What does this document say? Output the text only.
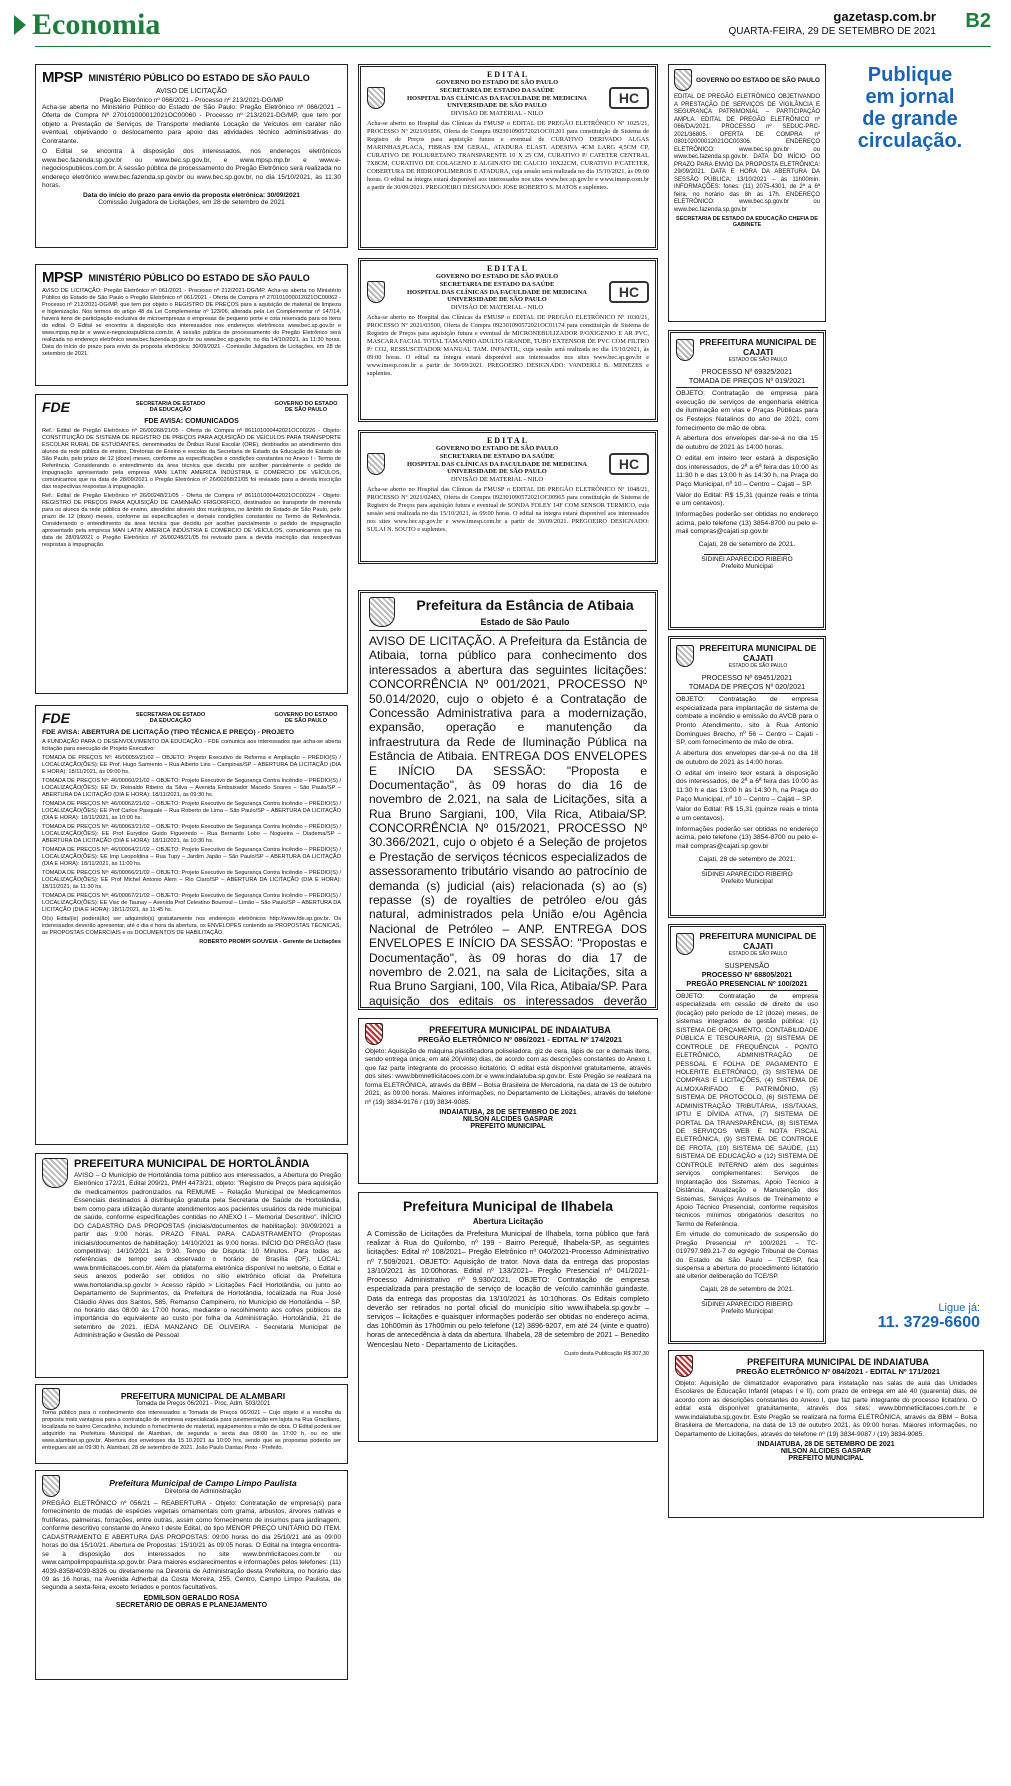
Economia	gazetasp.com.br
QUARTA-FEIRA, 29 DE SETEMBRO DE 2021 B2
MPSP MINISTÉRIO PÚBLICO DO ESTADO DE SÃO PAULO
AVISO DE LICITAÇÃO
Pregão Eletrônico nº 066/2021 - Processo nº 213/2021-DG/MP

Acha-se aberta no Ministério Público do Estado de São Paulo: Pregão Eletrônico nº 066/2021 – Oferta de Compra Nº 270101000012021OC00060 - Processo nº 213/2021-DG/MP, que tem por objeto a Prestação de Serviços de Transporte mediante Locação de Veículos em caráter não eventual, objetivando o deslocamento para apoio das atividades técnico administrativas do Contratante.

O Edital se encontra à disposição dos interessados, nos endereços eletrônicos www.bec.fazenda.sp.gov.br ou www.bec.sp.gov.br, e www.mpsp.mp.br e www.e-negociospublicos.com.br. A sessão pública de processamento do Pregão Eletrônico será realizada no endereço eletrônico www.bec.fazenda.sp.gov.br ou www.bec.sp.gov.br, no dia 15/10/2021, às 11:30 horas.

Data do início do prazo para envio da proposta eletrônica: 30/09/2021
Comissão Julgadora de Licitações, em 28 de setembro de 2021
MPSP MINISTÉRIO PÚBLICO DO ESTADO DE SÃO PAULO

AVISO DE LICITAÇÃO: Pregão Eletrônico nº 061/2021 - Processo nº 212/2021-DG/MP. Acha-se aberta no Ministério Público do Estado de São Paulo o Pregão Eletrônico nº 061/2021 - Oferta de Compra nº 270101000012021OC00062 - Processo nº 212/2021-DG/MP, que tem por objeto o REGISTRO DE PREÇOS para a aquisição de material de limpeza e higienização. Nos termos do artigo 48 da Lei Complementar nº 123/06, alterada pela Lei Complementar nº 147/14, haverá itens de participação exclusiva de microempresas e empresas de pequeno porte e cota reservada para os itens do edital. O Edital se encontra à disposição dos interessados nos endereços eletrônicos www.bec.sp.gov.br e www.mpsp.mp.br e www.e-negociospublicos.com.br. A sessão pública de processamento do Pregão Eletrônico será realizada no endereço eletrônico www.bec.fazenda.sp.gov.br ou www.bec.sp.gov.br, no dia 14/10/2021, às 11:30 horas. Data do início do prazo para envio da proposta eletrônica: 30/09/2021 - Comissão Julgadora de Licitações, em 28 de setembro de 2021.

FDE	SECRETARIA DE ESTADO DA EDUCAÇÃO
GOVERNO DO ESTADO DE SÃO PAULO
FDE AVISA: COMUNICADOS

Ref.: Edital de Pregão Eletrônico nº 26/00268/21/05 - Oferta de Compra nº 861101000442021OC00226 - Objeto: CONSTITUIÇÃO DE SISTEMA DE REGISTRO DE PREÇOS PARA AQUISIÇÃO DE VEÍCULOS PARA TRANSPORTE ESCOLAR RURAL DE ESTUDANTES, denominados de Ônibus Rural Escolar (ORE), destinados ao atendimento dos alunos da rede pública de ensino, Diretorias de Ensino e escolas da Secretaria de Estado da Educação do Estado de São Paulo, pelo prazo de 12 (doze) meses, conforme as especificações e condições constantes no Anexo I - Termo de Referência. Considerando o entendimento da área técnica que decidiu por acolher parcialmente o pedido de impugnação apresentado pela empresa MAN LATIN AMERICA INDÚSTRIA E COMÉRCIO DE VEÍCULOS, comunicamos que na data de 28/09/2021 o Pregão Eletrônico nº 26/00268/21/05 foi revisado para a devida inscrição das respectivas respostas à impugnação.

Ref.: Edital de Pregão Eletrônico nº 26/00248/21/05 - Oferta de Compra nº 861101000442021OC00224 - Objeto: REGISTRO DE PREÇOS PARA AQUISIÇÃO DE CAMINHÃO FRIGORÍFICO, destinados ao transporte de merenda para os alunos da rede pública de ensino, atendidos através dos municípios, no âmbito do Estado de São Paulo, pelo prazo de 12 (doze) meses, conforme as especificações e demais condições constantes no Termo de Referência. Considerando o entendimento da área técnica que decidiu por acolher parcialmente o pedido de impugnação apresentado pela empresa MAN LATIN AMERICA INDÚSTRIA E COMÉRCIO DE VEÍCULOS, comunicamos que na data de 28/09/2021 o Pregão Eletrônico nº 26/00248/21/05 foi revisado para a devida inscrição das respectivas respostas à impugnação.

FDE	SECRETARIA DE ESTADO DA EDUCAÇÃO
GOVERNO DO ESTADO DE SÃO PAULO
FDE AVISA: ABERTURA DE LICITAÇÃO (TIPO TÉCNICA E PREÇO) - PROJETO

A FUNDAÇÃO PARA O DESENVOLVIMENTO DA EDUCAÇÃO - FDE comunica aos interessados que acha-se aberta licitação para execução de Projeto Executivo:

TOMADA DE PREÇOS Nº: 46/00059/21/02 – OBJETO: Projeto Executivo de Reforma e Ampliação – PRÉDIO(S) / LOCALIZAÇÃO(ÕES): EE Prof. Hugo Sarmento – Rua Alberto Lins – Campinas/SP – ABERTURA DA LICITAÇÃO (DIA E HORA): 18/11/2021, às 09:00 hs.

TOMADA DE PREÇOS Nº: 46/00060/21/02 – OBJETO: Projeto Executivo de Segurança Contra Incêndio – PRÉDIO(S) / LOCALIZAÇÃO(ÕES): EE Dr. Reinaldo Ribeiro da Silva – Avenida Embaixador Macedo Soares – São Paulo/SP – ABERTURA DA LICITAÇÃO (DIA E HORA): 18/11/2021, às 09:30 hs.

TOMADA DE PREÇOS Nº: 46/00062/21/02 – OBJETO: Projeto Executivo de Segurança Contra Incêndio – PRÉDIO(S) / LOCALIZAÇÃO(ÕES): EE Prof Carlos Pasquale – Rua Roberto de Lima – São Paulo/SP – ABERTURA DA LICITAÇÃO (DIA E HORA): 18/11/2021, às 10:00 hs.

TOMADA DE PREÇOS Nº: 46/00063/21/02 – OBJETO: Projeto Executivo de Segurança Contra Incêndio – PRÉDIO(S) / LOCALIZAÇÃO(ÕES): EE Prof Eurydice Guido Figueiredo – Rua Bernardo Lobo – Nogueira – Diadema/SP – ABERTURA DA LICITAÇÃO (DIA E HORA): 18/11/2021, às 10:30 hs.

TOMADA DE PREÇOS Nº: 46/00064/21/02 – OBJETO: Projeto Executivo de Segurança Contra Incêndio – PRÉDIO(S) / LOCALIZAÇÃO(ÕES): EE Imp Leopoldina – Rua Tupy – Jardim Japão – São Paulo/SP – ABERTURA DA LICITAÇÃO (DIA E HORA): 18/11/2021, às 11:00 hs.

TOMADA DE PREÇOS Nº: 46/00066/21/02 – OBJETO: Projeto Executivo de Segurança Contra Incêndio – PRÉDIO(S) / LOCALIZAÇÃO(ÕES): EE Prof Michel Antonio Alem – Rio Claro/SP – ABERTURA DA LICITAÇÃO (DIA E HORA): 18/11/2021, às 11:30 hs.

TOMADA DE PREÇOS Nº: 46/00067/21/02 – OBJETO: Projeto Executivo de Segurança Contra Incêndio – PRÉDIO(S) / LOCALIZAÇÃO(ÕES): EE Visc de Taunay – Avenida Prof Celestino Bourroul – Limão – São Paulo/SP – ABERTURA DA LICITAÇÃO (DIA E HORA): 18/11/2021, às 11:45 hs.

O(s) Edital(is) poderá(ão) ser adquirido(s) gratuitamente nos endereços eletrônicos http://www.fde.sp.gov.br. Os interessados deverão apresentar, até o dia e hora da abertura, os ENVELOPES contendo as PROPOSTAS TÉCNICAS, as PROPOSTAS COMERCIAIS e os DOCUMENTOS DE HABILITAÇÃO.

ROBERTO PROMPI GOUVEIA - Gerente de Licitações

PREFEITURA MUNICIPAL DE HORTOLÂNDIA

AVISO – O Município de Hortolândia torna público aos interessados, a Abertura do Pregão Eletrônico 172/21, Edital 209/21, PMH 4473/21, objeto: "Registro de Preços para aquisição de medicamentos padronizados na REMUME – Relação Municipal de Medicamentos Essenciais destinados à distribuição gratuita pela Secretaria de Saúde de Hortolândia, bem como para utilização durante atendimentos aos pacientes usuários da rede municipal de saúde, conforme especificações contidas no ANEXO I – Memorial Descritivo". INÍCIO DO CADASTRO DAS PROPOSTAS (iniciais/documentos de habilitação): 30/09/2021 a partir das 9:00 horas. PRAZO FINAL PARA CADASTRAMENTO (Propostas iniciais/documentos de habilitação): 14/10/2021 às 9:00 horas. INÍCIO DO PREGÃO (fase competitiva): 14/10/2021 às 9:30. Tempo de Disputa: 10 Minutos. Para todas as referências de tempo será observado o horário de Brasília (DF). LOCAL: www.bnmlicitacoes.com.br. Além da plataforma eletrônica disponível no website, o Edital e seus anexos poderão ser obtidos no sítio eletrônico oficial da Prefeitura www.hortolandia.sp.gov.br > Acesso rápido > Licitações Fácil Hortolândia, ou junto ao Departamento de Suprimentos, da Prefeitura de Hortolândia, localizada na Rua José Cláudio Alves dos Santos, 585, Remanso Campineiro, no Município de Hortolândia – SP, no horário das 08:00 às 17:00 horas, mediante o recolhimento aos cofres públicos da importância do equivalente ao custo por folha da Administração. Hortolândia, 21 de setembro de 2021. IEDA MANZANO DE OLIVEIRA - Secretaria Municipal de Administração e Gestão de Pessoal

PREFEITURA MUNICIPAL DE ALAMBARI
Tomada de Preços 06/2021 - Proc. Adm. 503/2021

Torna público para o conhecimento dos interessados a Tomada de Preços 06/2021 – Cujo objeto é a escolha da proposta mais vantajosa para a contratação de empresa especializada para pavimentação em lajota na Rua Graciliano, localizada no bairro Cercadinho, incluindo o fornecimento de material, equipamentos e mão de obra. O Edital poderá ser adquirido na Prefeitura Municipal de Alambari, de segunda a sexta das 08:00 às 17:00 h, ou no site www.alambari.sp.gov.br. Abertura dos envelopes dia 15.10.2021 às 10:00 hrs, sendo que as propostas poderão ser entregues até as 09:30 h. Alambari, 28 de setembro de 2021. João Paulo Dantas Pinto - Prefeito.

Prefeitura Municipal de Campo Limpo Paulista
Diretoria de Administração

PREGÃO ELETRÔNICO nº 056/21 – REABERTURA - Objeto: Contratação de empresa(s) para fornecimento de mudas de espécies vegetais ornamentais com grama, arbustos, árvores nativas e frutíferas, palmeiras, forrações, entre outras, assim como fornecimento de insumos para jardinagem, conforme descritivo constante do Anexo I deste Edital, do tipo MENOR PREÇO UNITÁRIO DO ITEM. CADASTRAMENTO E ABERTURA DAS PROPOSTAS: 09:00 horas do dia 25/10/21 até as 09:00 horas do dia 15/10/21. Abertura de Propostas: 15/10/21 às 09:05 horas. O Edital na íntegra encontra-se à disposição dos interessados no site www.bnmlicitacoes.com.br ou www.campolimpopaulista.sp.gov.br. Para maiores esclarecimentos e informações pelos telefones: (11) 4039-8358/4039-8326 ou diretamente na Diretoria de Administração desta Prefeitura, no horário das 09 às 16 horas, na Avenida Adherbal da Costa Moreira, 255, Centro, Campo Limpo Paulista, de segunda a sexta-feira, exceto feriados e pontos facultativos.

EDMILSON GERALDO ROSA
SECRETÁRIO DE OBRAS E PLANEJAMENTO
EDITAL
GOVERNO DO ESTADO DE SÃO PAULO
SECRETARIA DE ESTADO DA SAÚDE
HOSPITAL DAS CLÍNICAS DA FACULDADE DE MEDICINA
UNIVERSIDADE DE SÃO PAULO
DIVISÃO DE MATERIAL - NILO
HC

Acha-se aberto no Hospital das Clínicas da FMUSP o EDITAL DE PREGÃO ELETRÔNICO Nº 1025/21, PROCESSO Nº 2021/01856, Oferta de Compra 092301090572021OC01201 para constituição de Sistema de Registro de Preços para aquisição futura e eventual de CURATIVO DERIVADO ALGAS MARINHAS,PLACA, FIBRAS EM GERAL, ATADURA ELAST. ADESIVA 4CM LARG 4,5CM CP, CURATIVO DE POLIURETANO TRANSPARENTE 10 X 25 CM, CURATIVO P/ CATETER CENTRAL 7X8CM, CURATIVO DE COLAGENO E ALGINATO DE CALCIO 10X22CM, CURATIVO P/CATETER, COBERTURA DE HIDROPOLIMEROS E ATADURA, cuja sessão será realizada no dia 15/10/2021, às 09:00 horas. O edital na íntegra estará disponível aos interessados nos sites www.bec.sp.gov.br e www.imesp.com.br a partir de 30/09/2021. PREGOEIRO DESIGNADO: JOSE ROBERTO S. MATOS e suplentes.

EDITAL
GOVERNO DO ESTADO DE SÃO PAULO
SECRETARIA DE ESTADO DA SAÚDE
HOSPITAL DAS CLÍNICAS DA FACULDADE DE MEDICINA
UNIVERSIDADE DE SÃO PAULO
DIVISÃO DE MATERIAL - NILO
HC

Acha-se aberto no Hospital das Clínicas da FMUSP o EDITAL DE PREGÃO ELETRÔNICO Nº 1030/21, PROCESSO Nº 2021/03500, Oferta de Compra 092301090572021OC01174 para constituição de Sistema de Registro de Preços para aquisição futura e eventual de MICRONEBULIZADOR P/OXIGENIO E AR PVC, MASCARA FACIAL TOTAL TAMANHO ADULTO GRANDE, TUBO EXTENSOR DE PVC COM FILTRO P/ CO2, RESSUSCITADOR MANUAL TAM. INFANTIL, cuja sessão será realizada no dia 15/10/2021, às 09:00 horas. O edital na íntegra estará disponível aos interessados nos sites www.bec.sp.gov.br e www.imesp.com.br a partir de 30/09/2021. PREGOEIRO DESIGNADO: VANDERLI B. MENEZES e suplentes.

EDITAL
GOVERNO DO ESTADO DE SÃO PAULO
SECRETARIA DE ESTADO DA SAÚDE
HOSPITAL DAS CLÍNICAS DA FACULDADE DE MEDICINA
UNIVERSIDADE DE SÃO PAULO
DIVISÃO DE MATERIAL - NILO
HC

Acha-se aberto no Hospital das Clínicas da FMUSP o EDITAL DE PREGÃO ELETRÔNICO Nº 1048/21, PROCESSO Nº 2021/02483, Oferta de Compra 092301090572021OC00965 para constituição de Sistema de Registro de Preços para aquisição futura e eventual de SONDA FOLEY 14F COM SENSOR TERMICO, cuja sessão será realizada no dia 15/10/2021, às 09:00 horas. O edital na íntegra estará disponível aos interessados nos sites www.bec.sp.gov.br e www.imesp.com.br a partir de 30/09/2021. PREGOEIRO DESIGNADO: SULAI N. SOUTO e suplentes.

Prefeitura da Estância de Atibaia
Estado de São Paulo

AVISO DE LICITAÇÃO. A Prefeitura da Estância de Atibaia, torna público para conhecimento dos interessados a abertura das seguintes licitações: CONCORRÊNCIA Nº 001/2021, PROCESSO Nº 50.014/2020, cujo o objeto é a Contratação de Concessão Administrativa para a modernização, expansão, operação e manutenção da infraestrutura da Rede de Iluminação Pública na Estância de Atibaia. ENTREGA DOS ENVELOPES E INÍCIO DA SESSÃO: "Proposta e Documentação", às 09 horas do dia 16 de novembro de 2.021, na sala de Licitações, sita a Rua Bruno Sargiani, 100, Vila Rica, Atibaia/SP. CONCORRÊNCIA Nº 015/2021, PROCESSO Nº 30.366/2021, cujo o objeto é a Seleção de projetos e Prestação de serviços técnicos especializados de assessoramento tributário visando ao patrocínio de demanda (s) judicial (ais) relacionada (s) ao (s) repasse (s) de royalties de petróleo e/ou gás natural, administrados pela União e/ou Agência Nacional de Petróleo – ANP. ENTREGA DOS ENVELOPES E INÍCIO DA SESSÃO: "Propostas e Documentação", às 09 horas do dia 17 de novembro de 2.021, na sala de Licitações, sita a Rua Bruno Sargiani, 100, Vila Rica, Atibaia/SP. Para aquisição dos editais os interessados deverão

PREFEITURA MUNICIPAL DE INDAIATUBA
PREGÃO ELETRÔNICO Nº 086/2021 - EDITAL Nº 174/2021

Objeto: Aquisição de máquina plastificadora poliseladora, giz de cera, lápis de cor e demais itens, sendo entrega única, em até 20(vinte) dias, de acordo com as descrições constantes do Anexo I, que faz parte integrante do processo licitatório. O edital está disponível gratuitamente, através dos sites: www.bbmnetlicitacoes.com.br e www.indaiatuba.sp.gov.br. Este Pregão se realizará na forma ELETRÔNICA, através da BBM – Bolsa Brasileira de Mercadoria, na data de 13 de outubro 2021, às 09:00 horas. Maiores informações, no Departamento de Licitações, através do telefone nº (19) 3834-9176 / (19) 3834-9085.

INDAIATUBA, 28 DE SETEMBRO DE 2021
NILSON ALCIDES GASPAR
PREFEITO MUNICIPAL
Prefeitura Municipal de Ilhabela
Abertura Licitação

A Comissão de Licitações da Prefeitura Municipal de Ilhabela, torna público que fará realizar à Rua do Quilombo, nº 199 - Bairro Perequê, Ilhabela-SP, as seguintes licitações: Edital nº 108/2021– Pregão Eletrônico nº 040/2021-Processo Administrativo nº 7.509/2021. OBJETO: Aquisição de trator. Nova data da entrega das propostas 13/10/2021 às 10:00horas. Edital nº 133/2021– Pregão Presencial nº 041/2021-Processo Administrativo nº 9.930/2021. OBJETO: Contratação de empresa especializada para prestação de serviço de locação de veículo caminhão guindaste. Data da entrega das propostas dia 13/10/2021 às 10:10horas. Os Editais completo deverão ser retirados no portal oficial do município sítio www.ilhabela.sp.gov.br – serviços – licitações e quaisquer informações poderão ser obtidas no endereço acima, das 10h00min às 17h00min ou pelo telefone (12) 3896-9207, em até 24 (vinte e quatro) horas de antecedência à data da abertura. Ilhabela, 28 de setembro de 2021 – Benedito Wenceslau Neto - Departamento de Licitações.

Custo desta Publicação R$ 307,30
GOVERNO DO ESTADO DE SÃO PAULO

EDITAL DE PREGÃO ELETRÔNICO OBJETIVANDO A PRESTAÇÃO DE SERVIÇOS DE VIGILÂNCIA E SEGURANÇA PATRIMONIAL – PARTICIPAÇÃO AMPLA. EDITAL DE PREGÃO ELETRÔNICO nº 066/DA/2021. PROCESSO nº SEDUC-PRC-2021/36805. OFERTA DE COMPRA nº 080102000012021OC00306. ENDEREÇO ELETRÔNICO: www.bec.sp.gov.br ou www.bec.fazenda.sp.gov.br. DATA DO INÍCIO DO PRAZO PARA ENVIO DA PROPOSTA ELETRÔNICA: 29/09/2021. DATA E HORA DA ABERTURA DA SESSÃO PÚBLICA: 13/10/2021 – às 11h00min. INFORMAÇÕES: fones: (11) 2075-4301, de 2ª a 6ª feira, no horário das 8h às 17h. ENDEREÇO ELETRÔNICO: www.bec.sp.gov.br ou www.bec.fazenda.sp.gov.br

SECRETARIA DE ESTADO DA EDUCAÇÃO CHEFIA DE GABINETE
PREFEITURA MUNICIPAL DE CAJATI
ESTADO DE SÃO PAULO
PROCESSO Nº 69325/2021
TOMADA DE PREÇOS Nº 019/2021

OBJETO: Contratação de empresa para execução de serviços de engenharia elétrica de iluminação em vias e Praças Públicas para os Festejos Natalinos do ano de 2021, com fornecimento de mão de obra.

A abertura dos envelopes dar-se-á no dia 15 de outubro de 2021 às 14:00 horas.

O edital em inteiro teor estará à disposição dos interessados, de 2ª a 6ª feira das 10:00 às 11:30 h e das 13:00 h às 14:30 h, na Praça do Paço Municipal, nº 10 – Centro – Cajati – SP.

Valor do Edital: R$ 15,31 (quinze reais e trinta e um centavos).

Informações poderão ser obtidas no endereço acima, pelo telefone (13) 3854-8700 ou pelo e-mail compras@cajati.sp.gov.br

Cajati, 28 de setembro de 2021.
SIDINEI APARECIDO RIBEIRO
Prefeito Municipal
PREFEITURA MUNICIPAL DE CAJATI
ESTADO DE SÃO PAULO
PROCESSO Nº 69451/2021
TOMADA DE PREÇOS Nº 020/2021

OBJETO: Contratação de empresa especializada para implantação de sistema de combate a incêndio e emissão do AVCB para o Pronto Atendimento, sito à Rua Antonio Domingues Brecho, nº 56 – Centro – Cajati - SP, com fornecimento de mão de obra.

A abertura dos envelopes dar-se-á no dia 18 de outubro de 2021 às 14:00 horas.

O edital em inteiro teor estará à disposição dos interessados, de 2ª a 6ª feira das 10:00 às 11:30 h e das 13:00 h às 14:30 h, na Praça do Paço Municipal, nº 10 – Centro – Cajati – SP.

Valor do Edital: R$ 15,31 (quinze reais e trinta e um centavos).

Informações poderão ser obtidas no endereço acima, pelo telefone (13) 3854-8700 ou pelo e-mail compras@cajati.sp.gov.br

Cajati, 28 de setembro de 2021.
SIDINEI APARECIDO RIBEIRO
Prefeito Municipal
PREFEITURA MUNICIPAL DE CAJATI
ESTADO DE SÃO PAULO
SUSPENSÃO
PROCESSO Nº 68805/2021
PREGÃO PRESENCIAL Nº 100/2021

OBJETO: Contratação de empresa especializada em cessão de direito de uso (locação) pelo período de 12 (doze) meses, de sistemas integrados de gestão pública: (1) SISTEMA DE ORÇAMENTO, CONTABILIDADE PÚBLICA E TESOURARIA, (2) SISTEMA DE CONTROLE DE FREQUÊNCIA - PONTO ELETRÔNICO, ADMINISTRAÇÃO DE PESSOAL E FOLHA DE PAGAMENTO E HOLERITE ELETRÔNICO, (3) SISTEMA DE COMPRAS E LICITAÇÕES, (4) SISTEMA DE ALMOXARIFADO E PATRIMÔNIO, (5) SISTEMA DE PROTOCOLO, (6) SISTEMA DE ADMINISTRAÇÃO TRIBUTÁRIA, ISS/TAXAS, IPTU E DÍVIDA ATIVA, (7) SISTEMA DE PORTAL DA TRANSPARÊNCIA, (8) SISTEMA DE SERVIÇOS WEB E NOTA FISCAL ELETRÔNICA, (9) SISTEMA DE CONTROLE DE FROTA, (10) SISTEMA DE SAÚDE, (11) SISTEMA DE EDUCAÇÃO e (12) SISTEMA DE CONTROLE INTERNO além dos seguintes serviços complementares: Serviços de Implantação dos Sistemas, Apoio Técnico à Distância, Atualização e Manutenção dos Sistemas, Serviços Avulsos de Treinamento e Apoio Técnico Presencial, conforme requisitos técnicos mínimos obrigatórios descritos no Termo de Referência.

Em virtude do comunicado de suspensão do Pregão Presencial nº 100/2021 – TC-019797.989.21-7 do egrégio Tribunal de Contas do Estado de São Paulo – TCE/SP, fica suspensa a abertura do procedimento licitatório até ulterior deliberação do TCE/SP.

Cajati, 28 de setembro de 2021.
SIDINEI APARECIDO RIBEIRO
Prefeito Municipal
Publique
em jornal
de grande
circulação.
Ligue já:
11. 3729-6600
PREFEITURA MUNICIPAL DE INDAIATUBA
PREGÃO ELETRÔNICO Nº 084/2021 - EDITAL Nº 171/2021

Objeto: Aquisição de climatizador evaporativo para instalação nas salas de aula das Unidades Escolares de Educação Infantil (etapas I e II), com prazo de entrega em até 40 (quarenta) dias, de acordo com as descrições constantes do Anexo I, que faz parte integrante do processo licitatório. O edital está disponível gratuitamente, através dos sites: www.bbmnetlicitacoes.com.br e www.indaiatuba.sp.gov.br. Este Pregão se realizará na forma ELETRÔNICA, através da BBM – Bolsa Brasileira de Mercadoria, na data de 13 de outubro 2021, às 09:00 horas. Maiores informações, no Departamento de Licitações, através do telefone nº (19) 3834-9087 / (19) 3834-9085.

INDAIATUBA, 28 DE SETEMBRO DE 2021
NILSON ALCIDES GASPAR
PREFEITO MUNICIPAL
